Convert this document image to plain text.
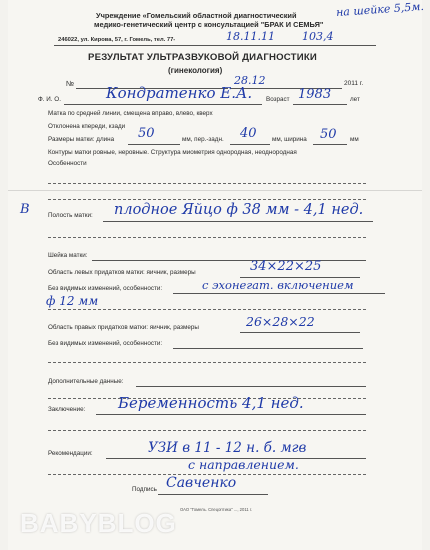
на шейке 5,5м.
Учреждение «Гомельский областной диагностический
медико-генетический центр с консультацией "БРАК И СЕМЬЯ"
246022, ул. Кирова, 57, г. Гомель, тел. 77-	18.11.11 103,4
РЕЗУЛЬТАТ УЛЬТРАЗВУКОВОЙ ДИАГНОСТИКИ
(гинекология)
№	28.12	2011 г.
Ф. И. О.	Кондратенко Е.А. Возраст 1983	лет
Матка по средней линии, смещена вправо, влево, кверх
Отклонена кпереди, кзади
Размеры матки: длина 50	мм, пер.-задн. 40 мм, ширина 50 мм
Контуры матки ровные, неровные. Структура миометрия однородная, неоднородная
Особенности
В	Полость матки: плодное Яйцо ф 38 мм - 4,1 нед.
Шейка матки:
Область левых придатков матки: яичник, размеры	34×22×25
Без видимых изменений, особенности:	с эхонегат. включением
ф 12 мм
Область правых придатков матки: яичник, размеры	26×28×22
Без видимых изменений, особенности:
Дополнительные данные:
Заключение: Беременность 4,1 нед.
Рекомендации:	УЗИ в 11 - 12 н. б. мгв
с направлением.
Подпись Савченко
ОАО "Гомель. Спецоптика" ..., 2011 г.
BABYBLOG
